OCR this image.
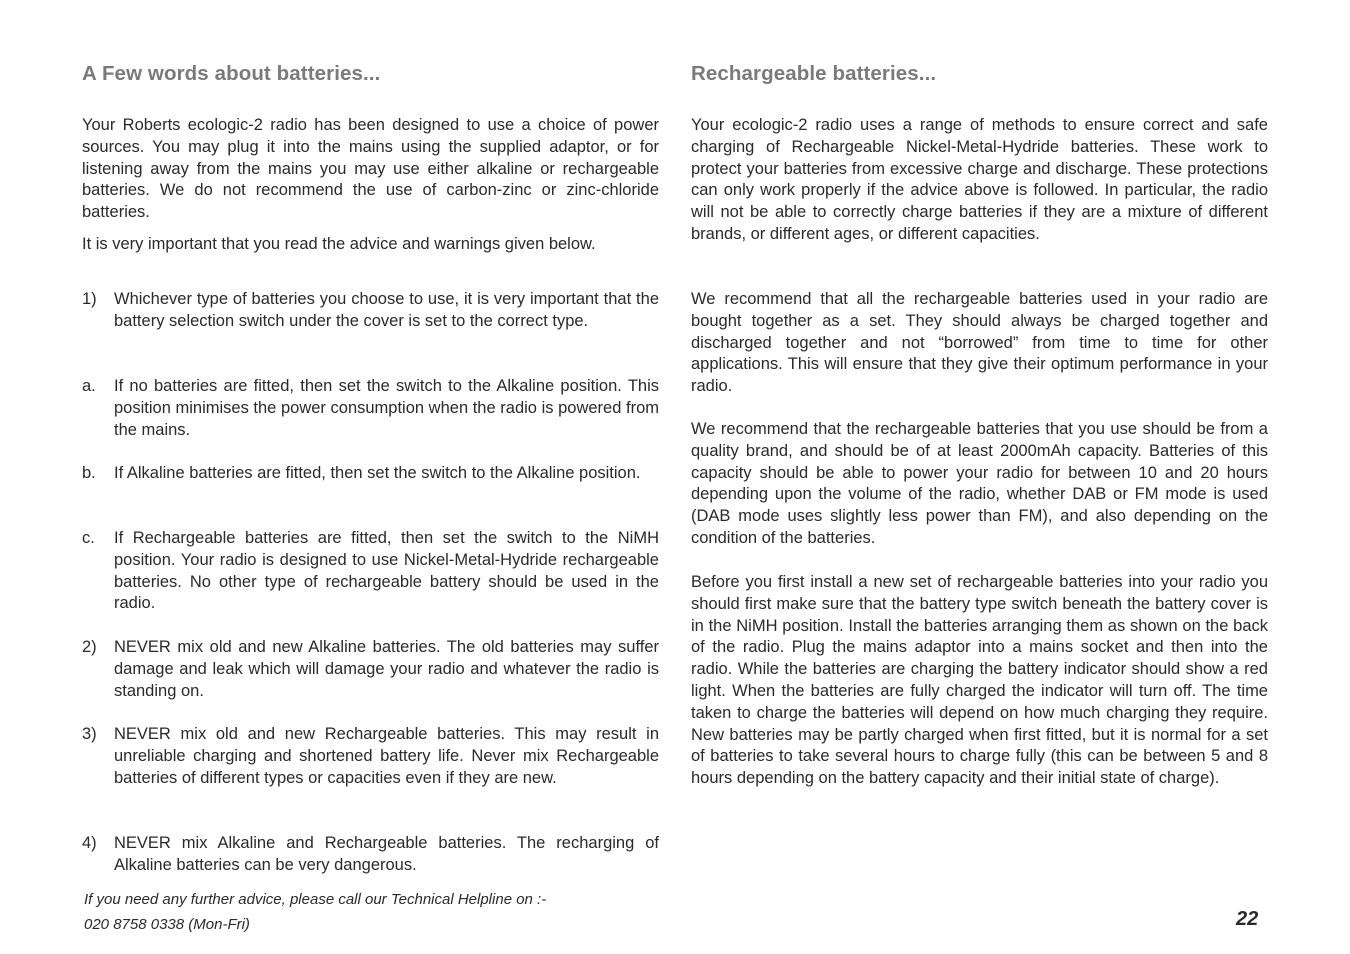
A Few words about batteries...

Your Roberts ecologic-2 radio has been designed to use a choice of power sources. You may plug it into the mains using the supplied adaptor, or for listening away from the mains you may use either alkaline or rechargeable batteries. We do not recommend the use of carbon-zinc or zinc-chloride batteries.

It is very important that you read the advice and warnings given below.

1) Whichever type of batteries you choose to use, it is very important that the battery selection switch under the cover is set to the correct type.
a. If no batteries are fitted, then set the switch to the Alkaline position. This position minimises the power consumption when the radio is powered from the mains.
b. If Alkaline batteries are fitted, then set the switch to the Alkaline position.
c. If Rechargeable batteries are fitted, then set the switch to the NiMH position. Your radio is designed to use Nickel-Metal-Hydride rechargeable batteries. No other type of rechargeable battery should be used in the radio.
2) NEVER mix old and new Alkaline batteries. The old batteries may suffer damage and leak which will damage your radio and whatever the radio is standing on.
3) NEVER mix old and new Rechargeable batteries. This may result in unreliable charging and shortened battery life. Never mix Rechargeable batteries of different types or capacities even if they are new.
4) NEVER mix Alkaline and Rechargeable batteries. The recharging of Alkaline batteries can be very dangerous.
Rechargeable batteries...

Your ecologic-2 radio uses a range of methods to ensure correct and safe charging of Rechargeable Nickel-Metal-Hydride batteries. These work to protect your batteries from excessive charge and discharge. These protections can only work properly if the advice above is followed. In particular, the radio will not be able to correctly charge batteries if they are a mixture of different brands, or different ages, or different capacities.

We recommend that all the rechargeable batteries used in your radio are bought together as a set. They should always be charged together and discharged together and not “borrowed” from time to time for other applications. This will ensure that they give their optimum performance in your radio.

We recommend that the rechargeable batteries that you use should be from a quality brand, and should be of at least 2000mAh capacity. Batteries of this capacity should be able to power your radio for between 10 and 20 hours depending upon the volume of the radio, whether DAB or FM mode is used (DAB mode uses slightly less power than FM), and also depending on the condition of the batteries.

Before you first install a new set of rechargeable batteries into your radio you should first make sure that the battery type switch beneath the battery cover is in the NiMH position. Install the batteries arranging them as shown on the back of the radio. Plug the mains adaptor into a mains socket and then into the radio. While the batteries are charging the battery indicator should show a red light. When the batteries are fully charged the indicator will turn off. The time taken to charge the batteries will depend on how much charging they require. New batteries may be partly charged when first fitted, but it is normal for a set of batteries to take several hours to charge fully (this can be between 5 and 8 hours depending on the battery capacity and their initial state of charge).

If you need any further advice, please call our Technical Helpline on :-
020 8758 0338 (Mon-Fri)	22
